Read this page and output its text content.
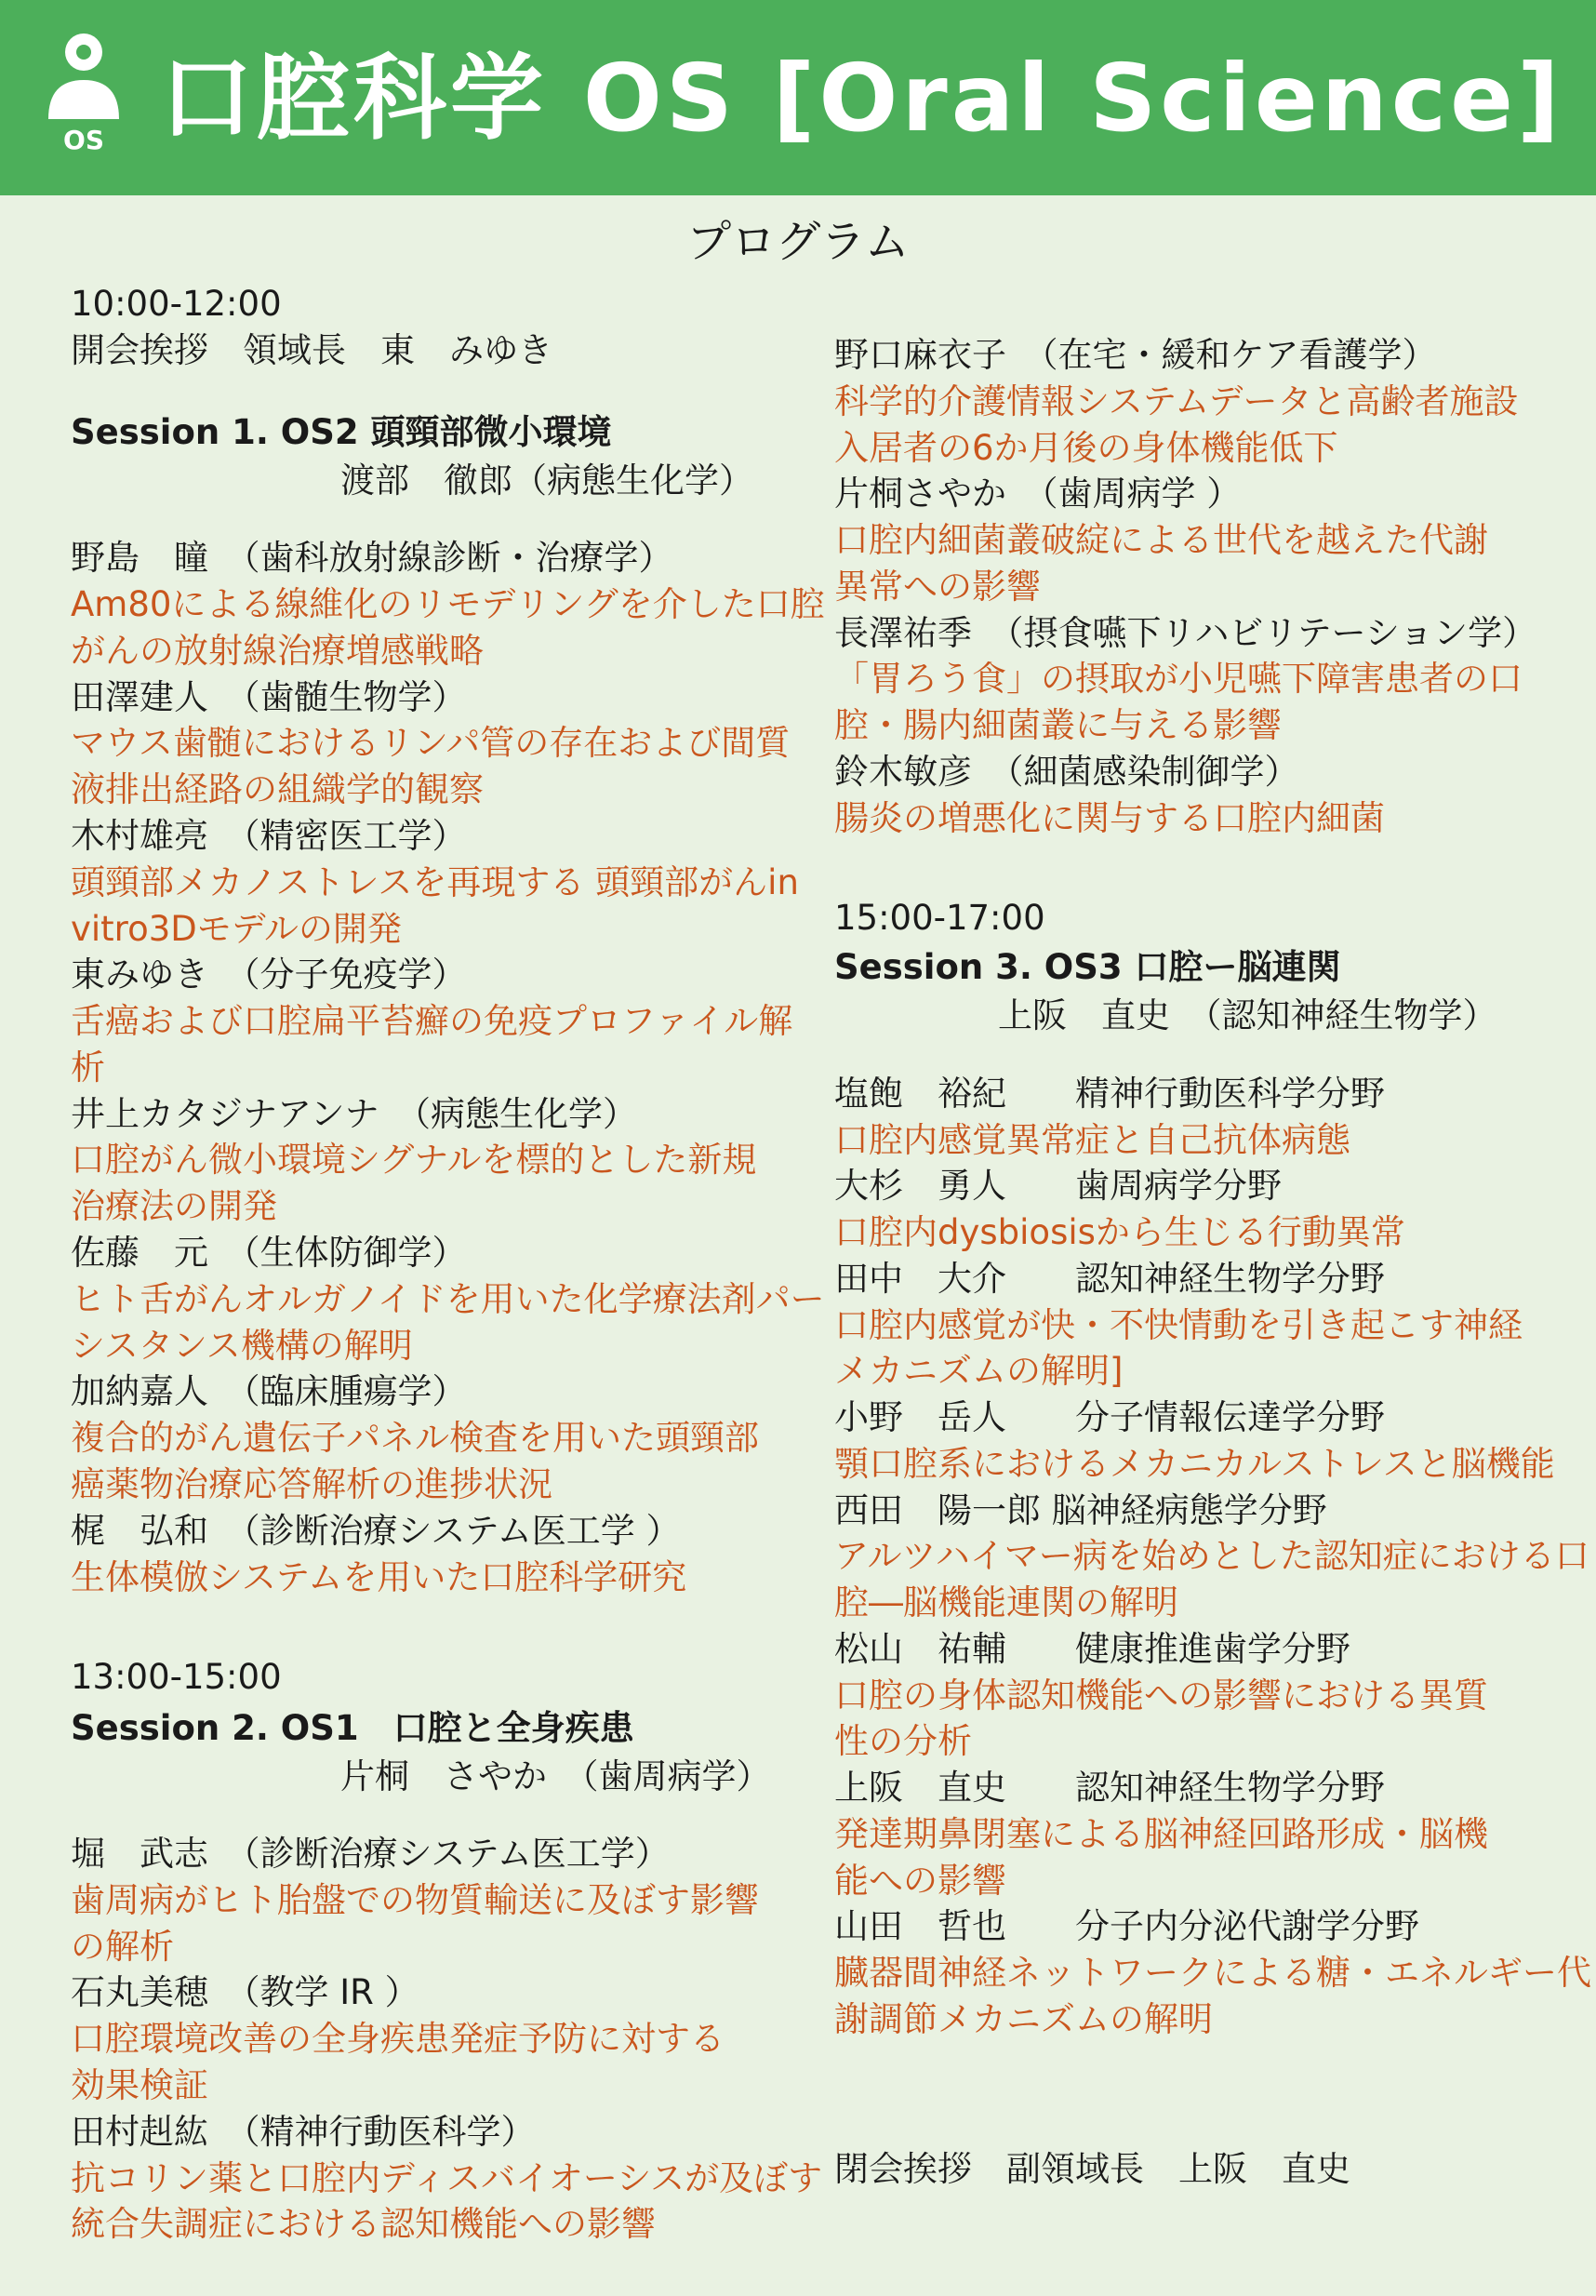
OS 口腔科学 OS [Oral Science]
プログラム
10:00-12:00
開会挨拶　領域長　東　みゆき
Session 1. OS2 頭頸部微小環境
渡部　徹郎（病態生化学）
野島　瞳　（歯科放射線診断・治療学）
Am80による線維化のリモデリングを介した口腔
がんの放射線治療増感戦略
田澤建人　（歯髄生物学）
マウス歯髄におけるリンパ管の存在および間質
液排出経路の組織学的観察
木村雄亮　（精密医工学）
頭頸部メカノストレスを再現する 頭頸部がんin
vitro3Dモデルの開発
東みゆき　（分子免疫学）
舌癌および口腔扁平苔癬の免疫プロファイル解
析
井上カタジナアンナ　（病態生化学）
口腔がん微小環境シグナルを標的とした新規
治療法の開発
佐藤　元　（生体防御学）
ヒト舌がんオルガノイドを用いた化学療法剤パー
シスタンス機構の解明
加納嘉人　（臨床腫瘍学）
複合的がん遺伝子パネル検査を用いた頭頸部
癌薬物治療応答解析の進捗状況
梶　弘和　（診断治療システム医工学 ）
生体模倣システムを用いた口腔科学研究
13:00-15:00
Session 2. OS1　口腔と全身疾患
片桐　さやか　（歯周病学）
堀　武志　（診断治療システム医工学）
歯周病がヒト胎盤での物質輸送に及ぼす影響
の解析
石丸美穂　（教学 IR ）
口腔環境改善の全身疾患発症予防に対する
効果検証
田村赳紘　（精神行動医科学）
抗コリン薬と口腔内ディスバイオーシスが及ぼす
統合失調症における認知機能への影響
野口麻衣子　（在宅・緩和ケア看護学）
科学的介護情報システムデータと高齢者施設
入居者の6か月後の身体機能低下
片桐さやか　（歯周病学 ）
口腔内細菌叢破綻による世代を越えた代謝
異常への影響
長澤祐季　（摂食嚥下リハビリテーション学）
「胃ろう食」の摂取が小児嚥下障害患者の口
腔・腸内細菌叢に与える影響
鈴木敏彦　（細菌感染制御学）
腸炎の増悪化に関与する口腔内細菌
15:00-17:00
Session 3. OS3 口腔ー脳連関
上阪　直史　（認知神経生物学）
塩飽　裕紀　　精神行動医科学分野
口腔内感覚異常症と自己抗体病態
大杉　勇人　　歯周病学分野
口腔内dysbiosisから生じる行動異常
田中　大介　　認知神経生物学分野
口腔内感覚が快・不快情動を引き起こす神経
メカニズムの解明]
小野　岳人　　分子情報伝達学分野
顎口腔系におけるメカニカルストレスと脳機能
西田　陽一郎 脳神経病態学分野
アルツハイマー病を始めとした認知症における口
腔―脳機能連関の解明
松山　祐輔　　健康推進歯学分野
口腔の身体認知機能への影響における異質
性の分析
上阪　直史　　認知神経生物学分野
発達期鼻閉塞による脳神経回路形成・脳機
能への影響
山田　哲也　　分子内分泌代謝学分野
臓器間神経ネットワークによる糖・エネルギー代
謝調節メカニズムの解明
閉会挨拶　副領域長　上阪　直史
